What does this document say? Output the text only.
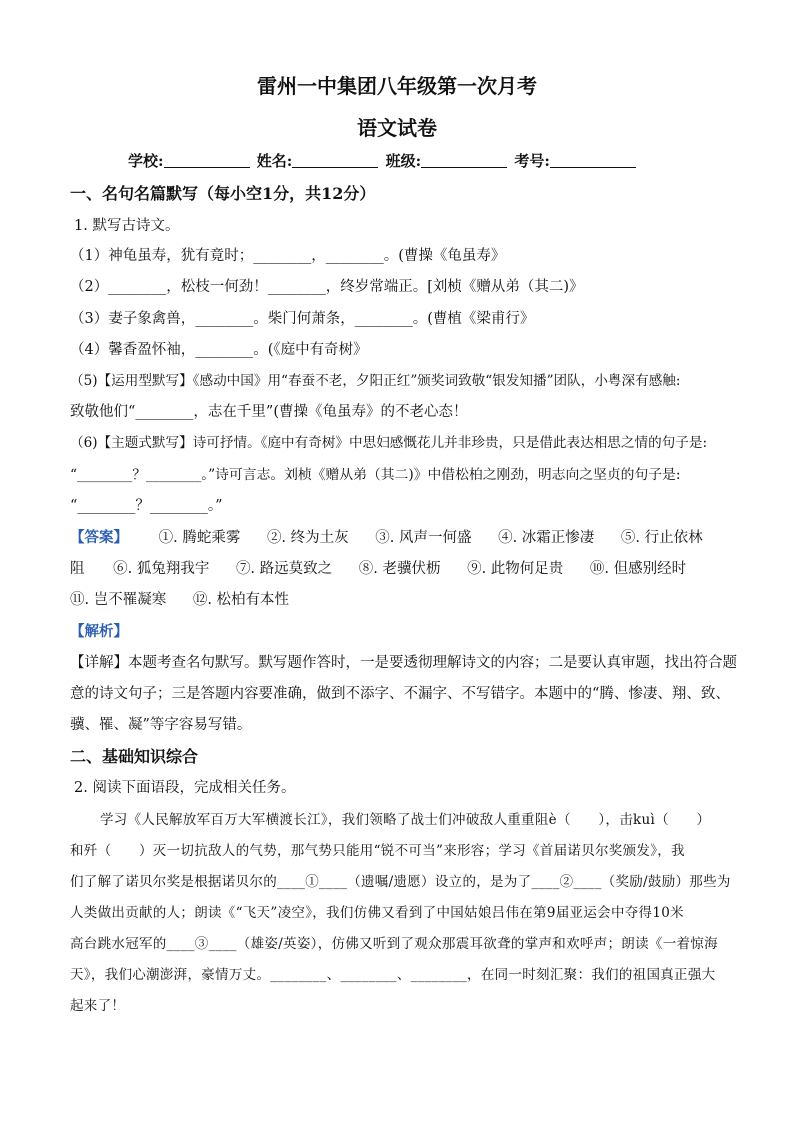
雷州一中集团八年级第一次月考
语文试卷
学校:	姓名:	班级:	考号:
一、名句名篇默写（每小空1分，共12分）
1. 默写古诗文。
（1）神龟虽寿，犹有竟时；________，________。(曹操《龟虽寿》
（2）________，松枝一何劲！________，终岁常端正。[刘桢《赠从弟（其二)》
（3）妻子象禽兽，________。柴门何萧条，________。(曹植《梁甫行》
（4）馨香盈怀袖，________。(《庭中有奇树》
（5)【运用型默写】《感动中国》用“春蚕不老，夕阳正红”颁奖词致敬“银发知播”团队，小粤深有感触:
致敬他们“________，志在千里”(曹操《龟虽寿》的不老心态！
（6)【主题式默写】诗可抒情。《庭中有奇树》中思妇感慨花儿并非珍贵，只是借此表达相思之情的句子是:
“________？________。”诗可言志。刘桢《赠从弟（其二)》中借松柏之刚劲，明志向之坚贞的句子是:
“________？________。”
【答案】 ①. 腾蛇乘雾 ②. 终为土灰 ③. 风声一何盛 ④. 冰霜正惨凄 ⑤. 行止依林
阻 ⑥. 狐兔翔我宇 ⑦. 路远莫致之 ⑧. 老骥伏枥 ⑨. 此物何足贵 ⑩. 但感别经时
⑪. 岂不罹凝寒 ⑫. 松柏有本性
【解析】
【详解】本题考查名句默写。默写题作答时，一是要透彻理解诗文的内容；二是要认真审题，找出符合题
意的诗文句子；三是答题内容要准确，做到不添字、不漏字、不写错字。本题中的“腾、惨凄、翔、致、
骥、罹、凝”等字容易写错。
二、基础知识综合
2. 阅读下面语段，完成相关任务。
学习《人民解放军百万大军横渡长江》，我们领略了战士们冲破敌人重重阻è（　　），击kuì（　　）
和歼（　　）灭一切抗敌人的气势，那气势只能用“锐不可当”来形容；学习《首届诺贝尔奖颁发》，我
们了解了诺贝尔奖是根据诺贝尔的____①____（遗嘱/遗愿）设立的，是为了____②____（奖励/鼓励）那些为
人类做出贡献的人；朗读《“飞天”凌空》，我们仿佛又看到了中国姑娘吕伟在第9届亚运会中夺得10米
高台跳水冠军的____③____（雄姿/英姿），仿佛又听到了观众那震耳欲聋的掌声和欢呼声；朗读《一着惊海
天》，我们心潮澎湃，豪情万丈。________、________、________，在同一时刻汇聚：我们的祖国真正强大
起来了！
